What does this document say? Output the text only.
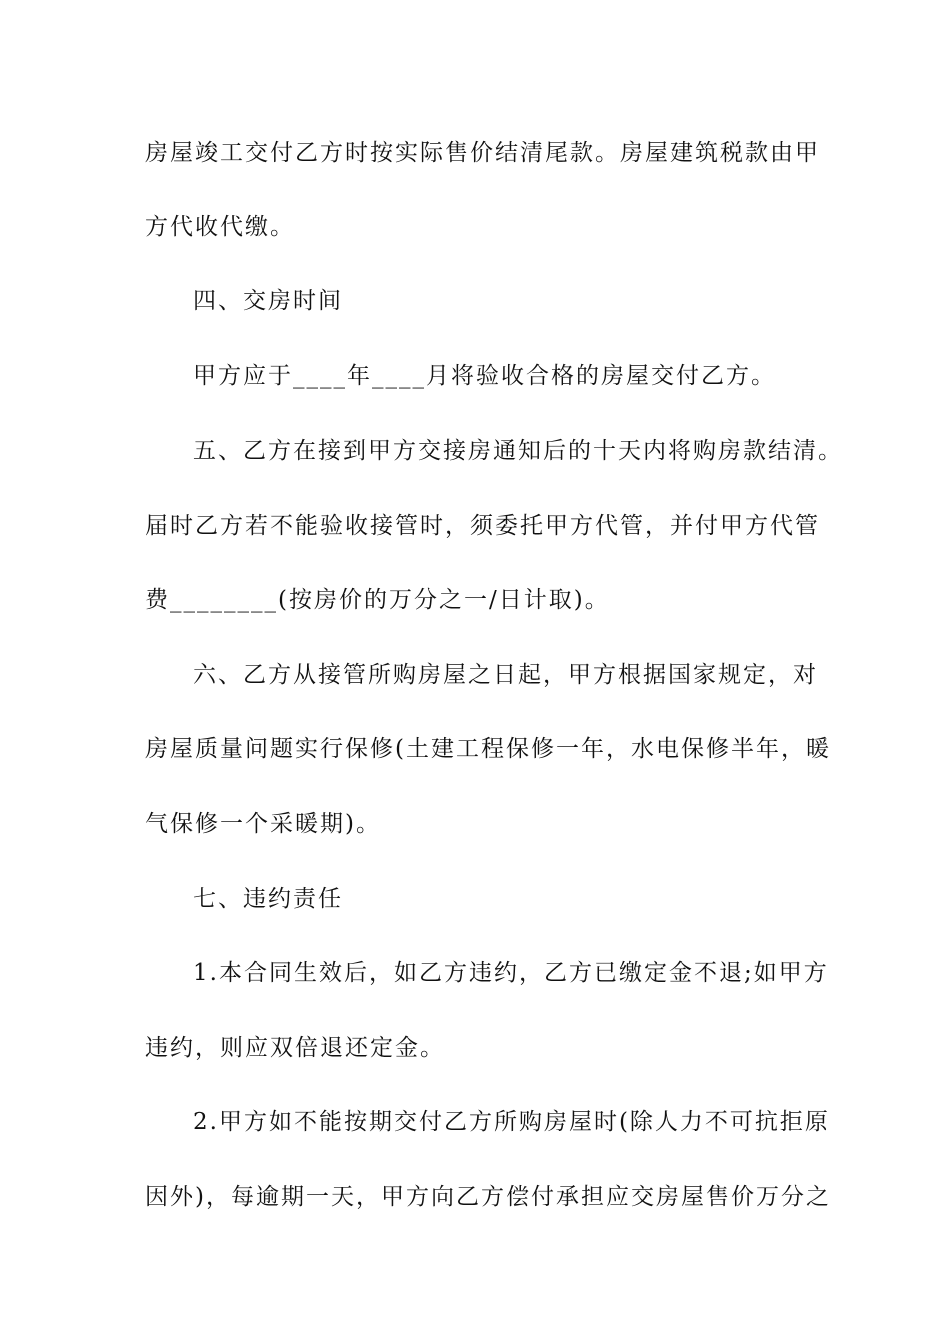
房屋竣工交付乙方时按实际售价结清尾款。房屋建筑税款由甲
方代收代缴。
四、交房时间
甲方应于____年____月将验收合格的房屋交付乙方。
五、乙方在接到甲方交接房通知后的十天内将购房款结清。
届时乙方若不能验收接管时，须委托甲方代管，并付甲方代管
费________(按房价的万分之一/日计取)。
六、乙方从接管所购房屋之日起，甲方根据国家规定，对
房屋质量问题实行保修(土建工程保修一年，水电保修半年，暖
气保修一个采暖期)。
七、违约责任
1.本合同生效后，如乙方违约，乙方已缴定金不退;如甲方
违约，则应双倍退还定金。
2.甲方如不能按期交付乙方所购房屋时(除人力不可抗拒原
因外)，每逾期一天，甲方向乙方偿付承担应交房屋售价万分之
